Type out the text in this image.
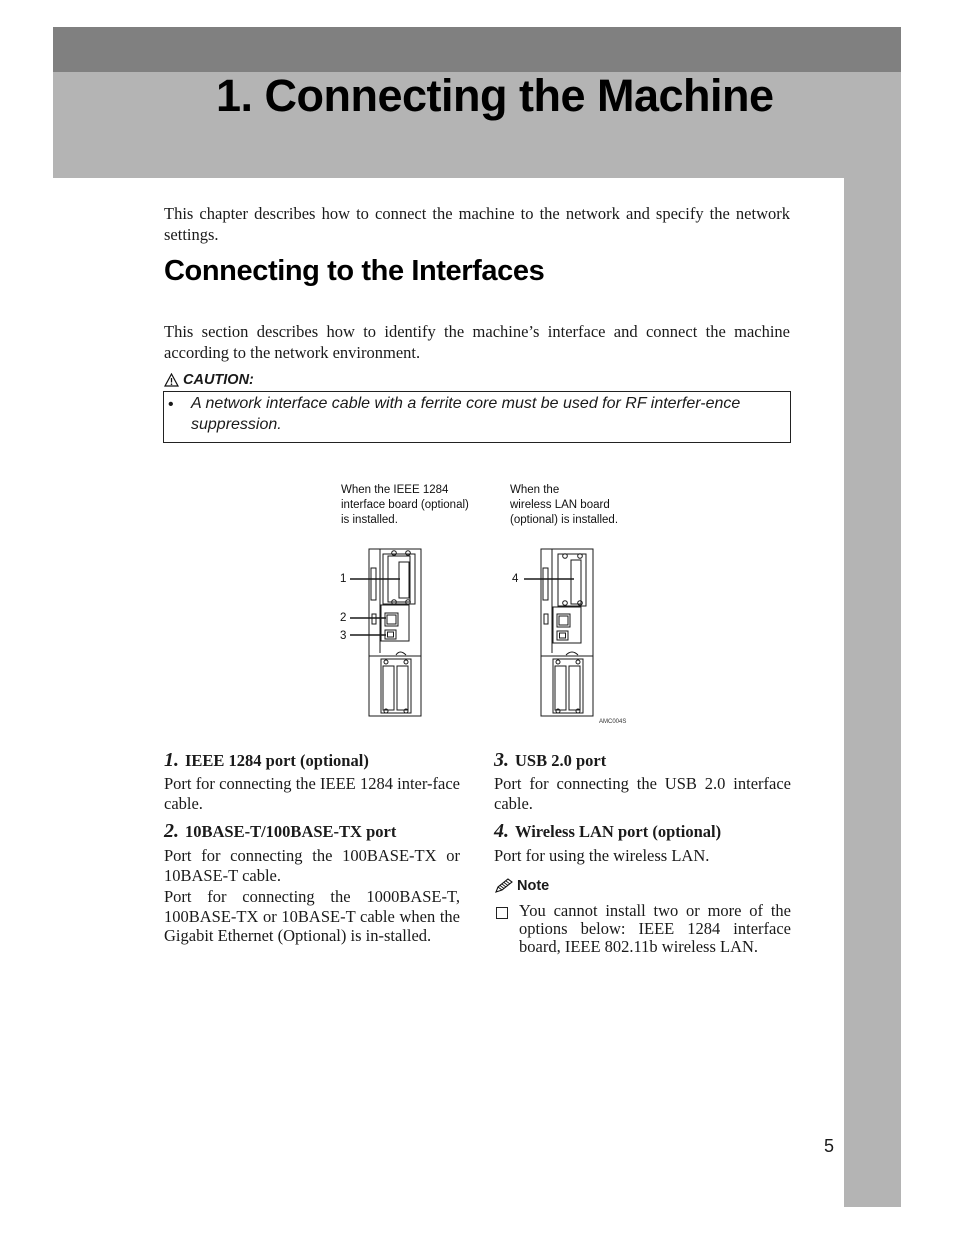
1. Connecting the Machine

This chapter describes how to connect the machine to the network and specify the network settings.

Connecting to the Interfaces

This section describes how to identify the machine’s interface and connect the machine according to the network environment.

CAUTION:
• A network interface cable with a ferrite core must be used for RF interfer-ence suppression.

When the IEEE 1284
interface board (optional)
is installed.

When the
wireless LAN board
(optional) is installed.

1
2
3
4
AMC004S
1. IEEE 1284 port (optional)

Port for connecting the IEEE 1284 inter-face cable.

2. 10BASE-T/100BASE-TX port

Port for connecting the 100BASE-TX or 10BASE-T cable.

Port for connecting the 1000BASE-T, 100BASE-TX or 10BASE-T cable when the Gigabit Ethernet (Optional) is in-stalled.

3. USB 2.0 port

Port for connecting the USB 2.0 interface cable.

4. Wireless LAN port (optional)

Port for using the wireless LAN.

Note

You cannot install two or more of the options below: IEEE 1284 interface board, IEEE 802.11b wireless LAN.

5
